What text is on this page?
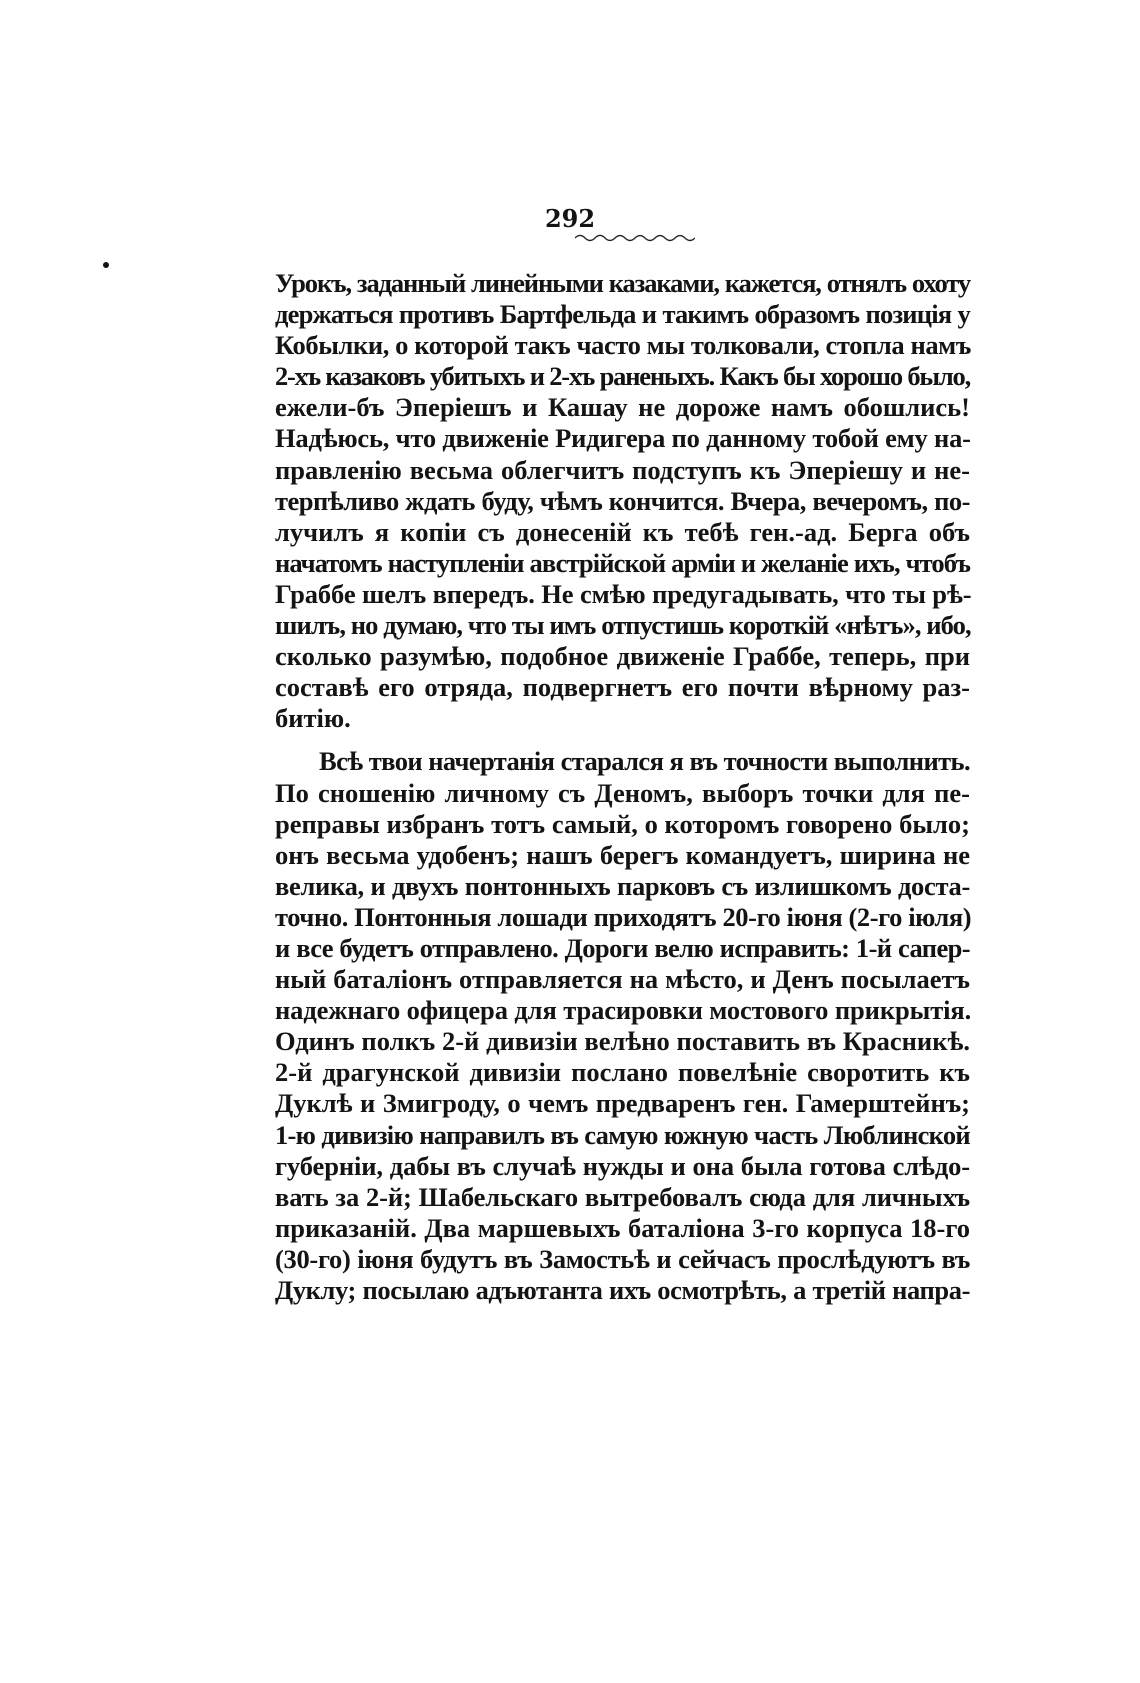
292
Урокъ, заданный линейными казаками, кажется, отнялъ охоту
держаться противъ Бартфельда и такимъ образомъ позиція у
Кобылки, о которой такъ часто мы толковали, стопла намъ
2-хъ казаковъ убитыхъ и 2-хъ раненыхъ. Какъ бы хорошо было,
ежели-бъ Эперіешъ и Кашау не дороже намъ обошлись!
Надѣюсь, что движеніе Ридигера по данному тобой ему на-
правленію весьма облегчитъ подступъ къ Эперіешу и не-
терпѣливо ждать буду, чѣмъ кончится. Вчера, вечеромъ, по-
лучилъ я копіи съ донесеній къ тебѣ ген.-ад. Берга объ
начатомъ наступленіи австрійской арміи и желаніе ихъ, чтобъ
Граббе шелъ впередъ. Не смѣю предугадывать, что ты рѣ-
шилъ, но думаю, что ты имъ отпустишь короткій «нѣтъ», ибо,
сколько разумѣю, подобное движеніе Граббе, теперь, при
составѣ его отряда, подвергнетъ его почти вѣрному раз-
битію.
Всѣ твои начертанія старался я въ точности выполнить.
По сношенію личному съ Деномъ, выборъ точки для пе-
реправы избранъ тотъ самый, о которомъ говорено было;
онъ весьма удобенъ; нашъ берегъ командуетъ, ширина не
велика, и двухъ понтонныхъ парковъ съ излишкомъ доста-
точно. Понтонныя лошади приходятъ 20-го іюня (2-го іюля)
и все будетъ отправлено. Дороги велю исправить: 1-й сапер-
ный баталіонъ отправляется на мѣсто, и Денъ посылаетъ
надежнаго офицера для трасировки мостового прикрытія.
Одинъ полкъ 2-й дивизіи велѣно поставить въ Красникѣ.
2-й драгунской дивизіи послано повелѣніе своротить къ
Дуклѣ и Змигроду, о чемъ предваренъ ген. Гамерштейнъ;
1-ю дивизію направилъ въ самую южную часть Люблинской
губерніи, дабы въ случаѣ нужды и она была готова слѣдо-
вать за 2-й; Шабельскаго вытребовалъ сюда для личныхъ
приказаній. Два маршевыхъ баталіона 3-го корпуса 18-го
(30-го) іюня будутъ въ Замостьѣ и сейчасъ прослѣдуютъ въ
Дуклу; посылаю адъютанта ихъ осмотрѣть, а третій напра-
